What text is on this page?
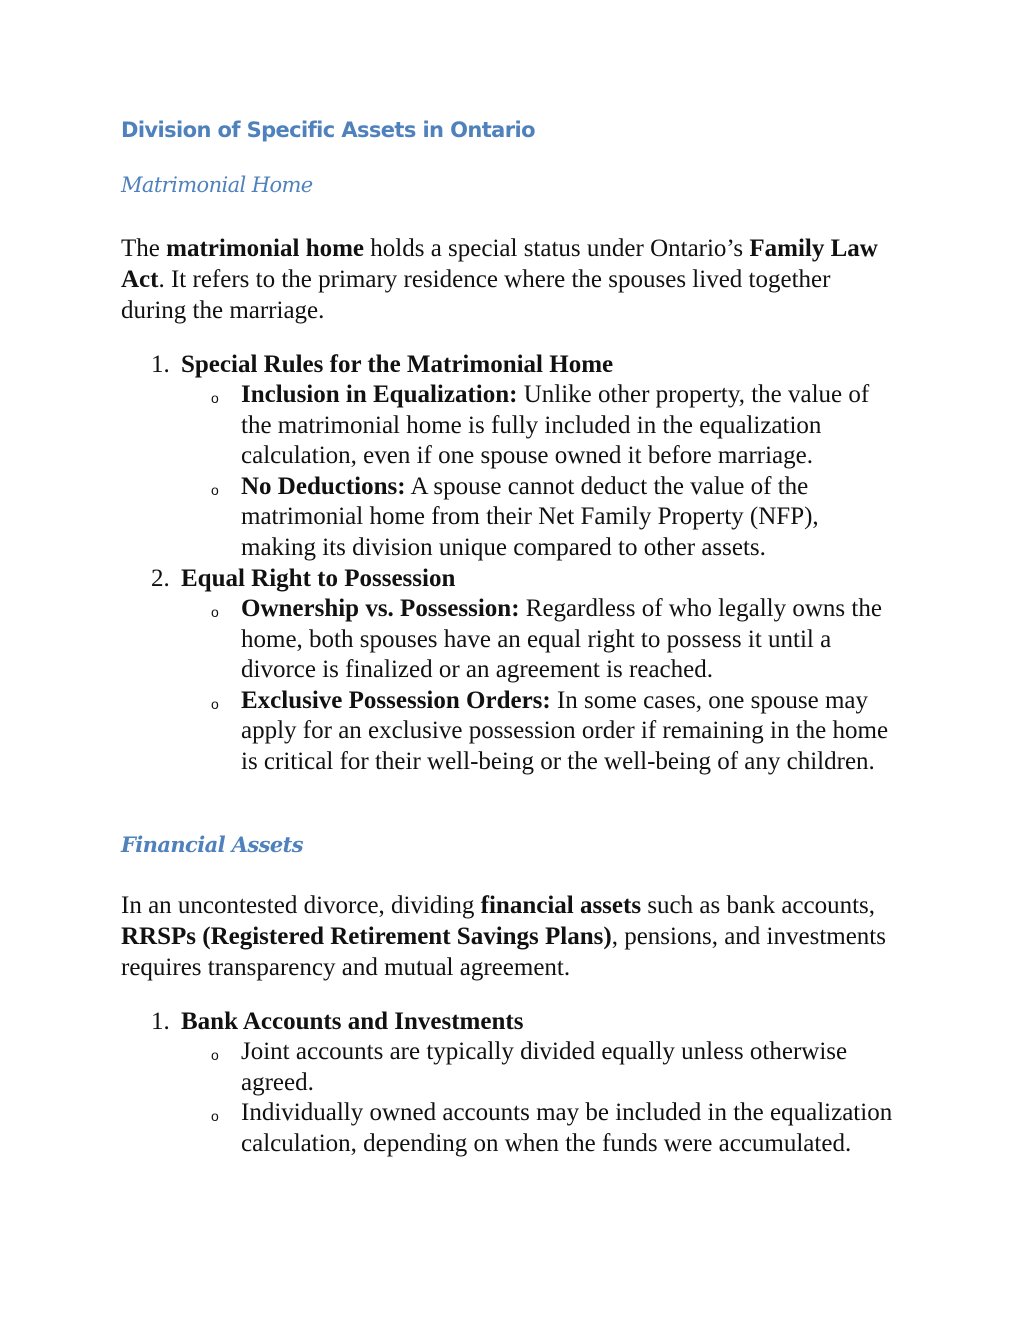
Division of Specific Assets in Ontario
Matrimonial Home
The matrimonial home holds a special status under Ontario’s Family Law Act. It refers to the primary residence where the spouses lived together during the marriage.
1. Special Rules for the Matrimonial Home
o Inclusion in Equalization: Unlike other property, the value of the matrimonial home is fully included in the equalization calculation, even if one spouse owned it before marriage.
o No Deductions: A spouse cannot deduct the value of the matrimonial home from their Net Family Property (NFP), making its division unique compared to other assets.
2. Equal Right to Possession
o Ownership vs. Possession: Regardless of who legally owns the home, both spouses have an equal right to possess it until a divorce is finalized or an agreement is reached.
o Exclusive Possession Orders: In some cases, one spouse may apply for an exclusive possession order if remaining in the home is critical for their well-being or the well-being of any children.
Financial Assets
In an uncontested divorce, dividing financial assets such as bank accounts, RRSPs (Registered Retirement Savings Plans), pensions, and investments requires transparency and mutual agreement.
1. Bank Accounts and Investments
o Joint accounts are typically divided equally unless otherwise agreed.
o Individually owned accounts may be included in the equalization calculation, depending on when the funds were accumulated.
